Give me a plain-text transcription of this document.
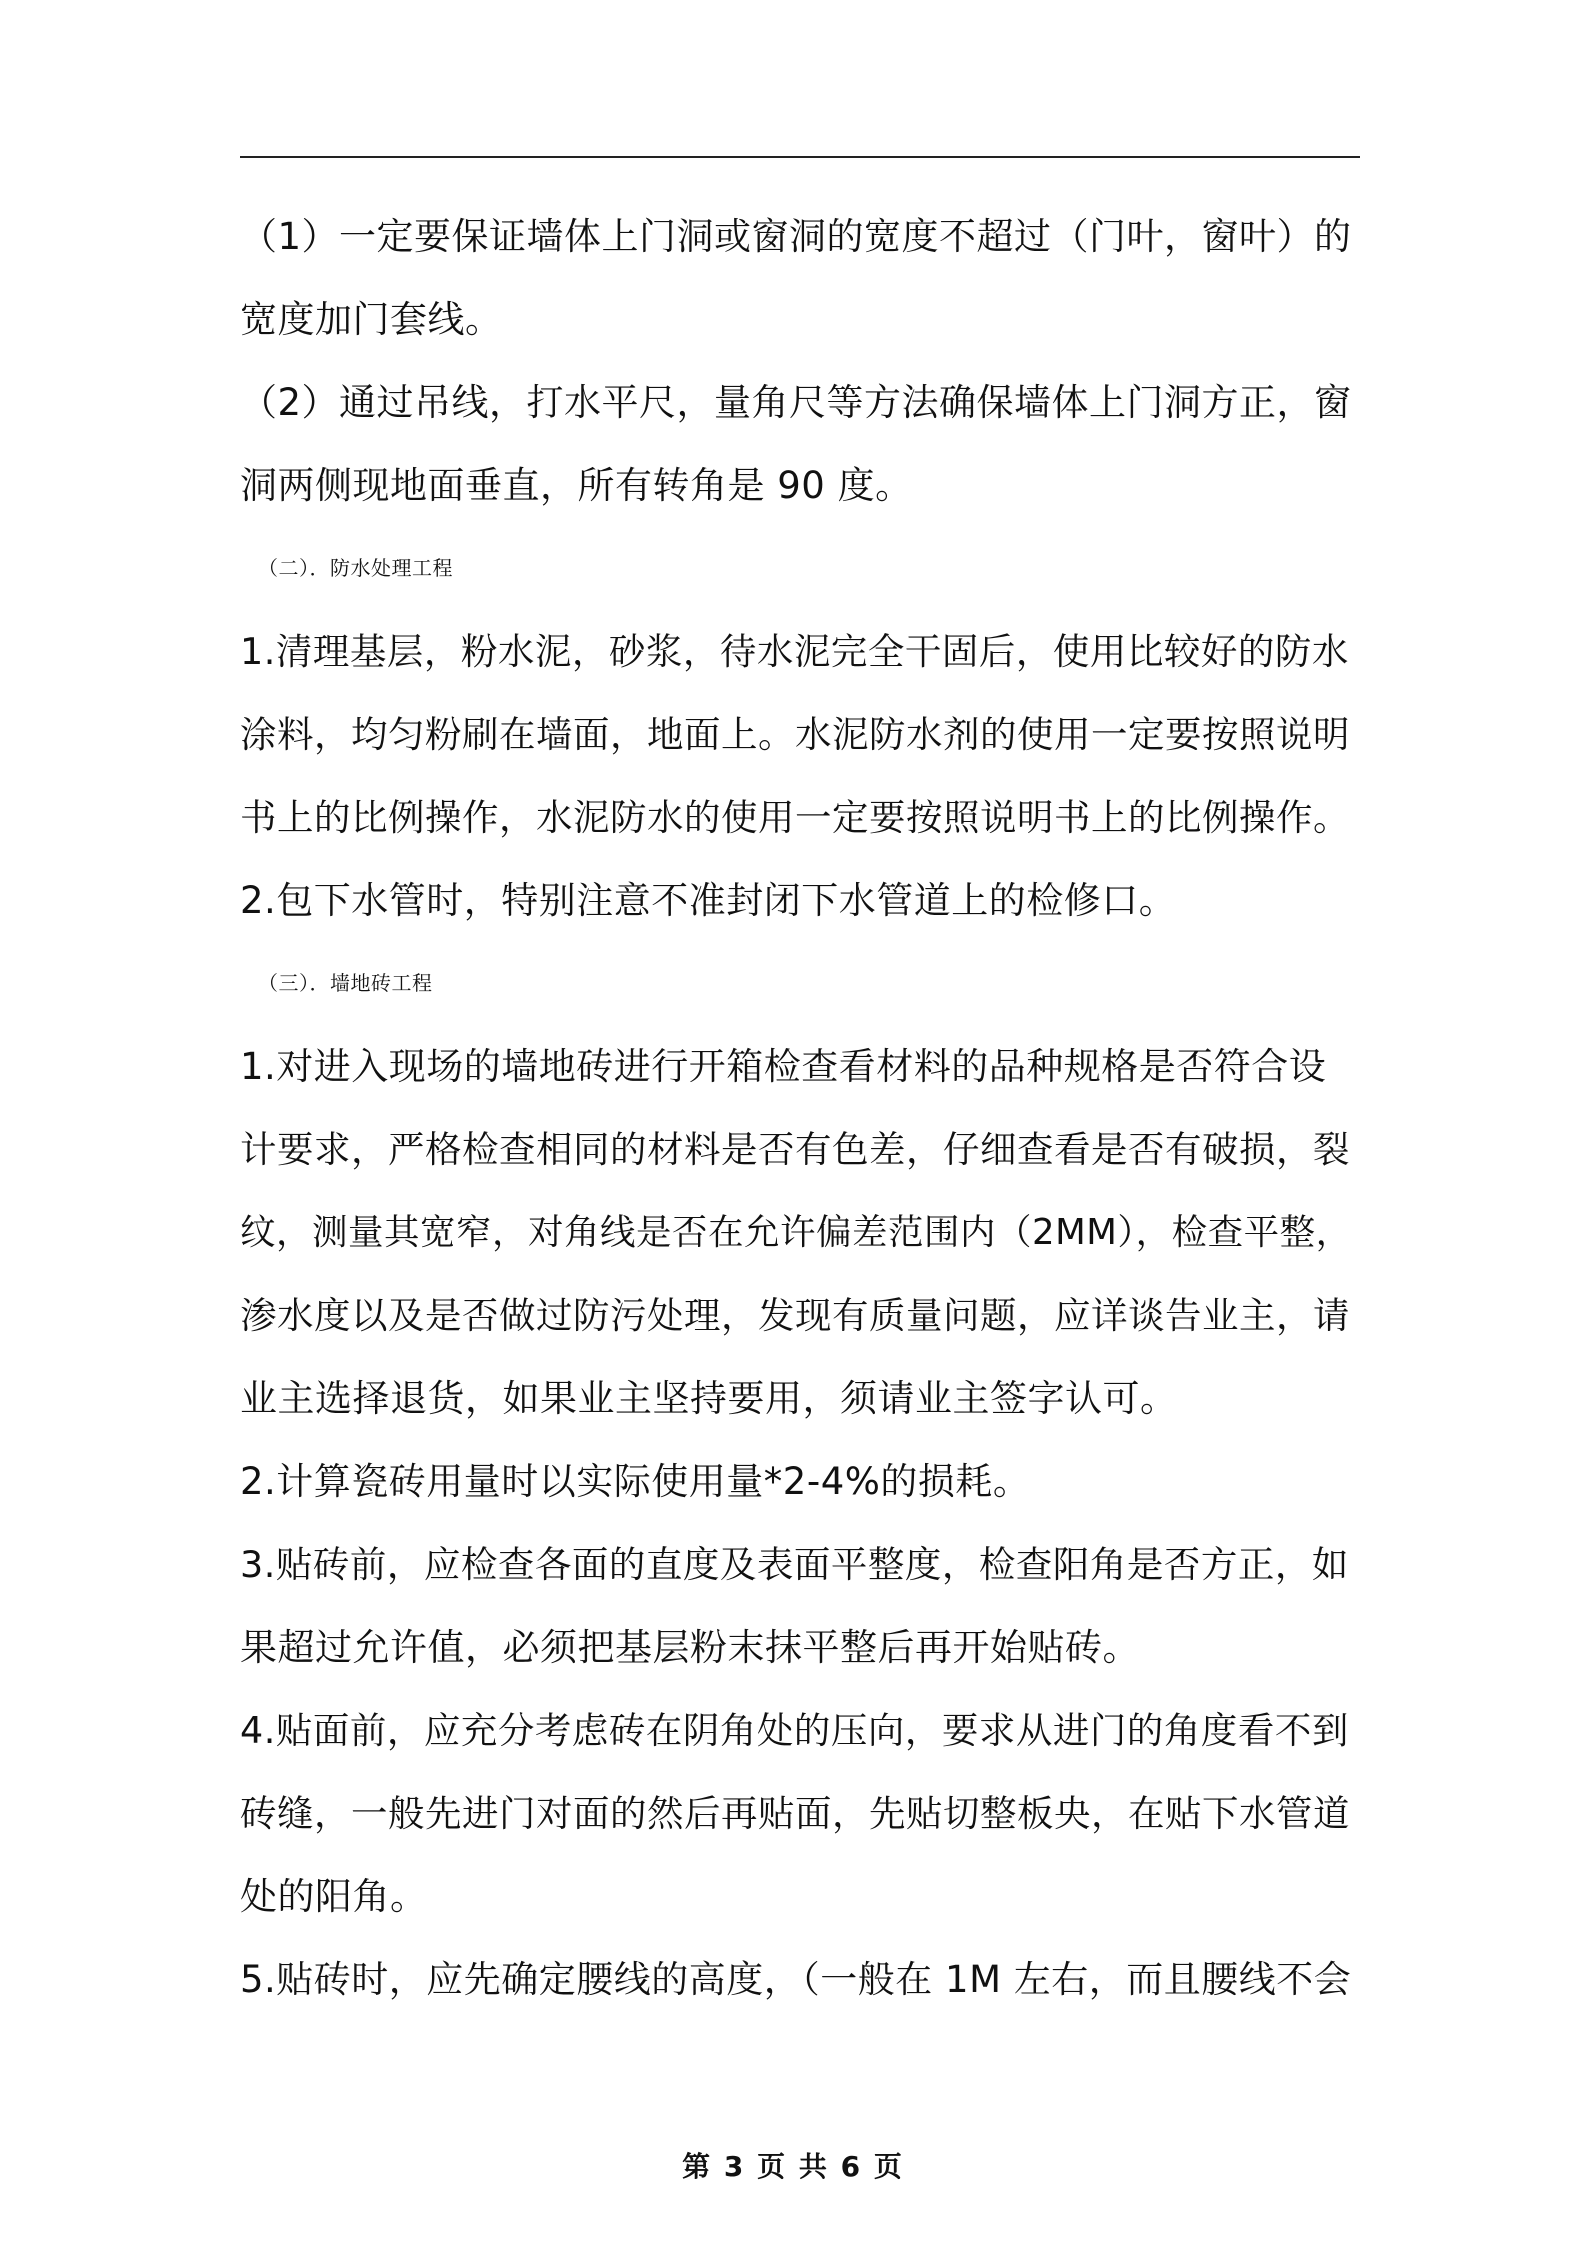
（1）一定要保证墙体上门洞或窗洞的宽度不超过（门叶，窗叶）的

宽度加门套线。

（2）通过吊线，打水平尺，量角尺等方法确保墙体上门洞方正，窗

洞两侧现地面垂直，所有转角是 90 度。

（二）．防水处理工程

1.清理基层，粉水泥，砂浆，待水泥完全干固后，使用比较好的防水

涂料，均匀粉刷在墙面，地面上。水泥防水剂的使用一定要按照说明

书上的比例操作，水泥防水的使用一定要按照说明书上的比例操作。

2.包下水管时，特别注意不准封闭下水管道上的检修口。

（三）．墙地砖工程

1.对进入现场的墙地砖进行开箱检查看材料的品种规格是否符合设

计要求，严格检查相同的材料是否有色差，仔细查看是否有破损，裂

纹，测量其宽窄，对角线是否在允许偏差范围内（2MM），检查平整，

渗水度以及是否做过防污处理，发现有质量问题，应详谈告业主，请

业主选择退货，如果业主坚持要用，须请业主签字认可。

2.计算瓷砖用量时以实际使用量*2-4%的损耗。

3.贴砖前，应检查各面的直度及表面平整度，检查阳角是否方正，如

果超过允许值，必须把基层粉末抹平整后再开始贴砖。

4.贴面前，应充分考虑砖在阴角处的压向，要求从进门的角度看不到

砖缝，一般先进门对面的然后再贴面，先贴切整板央，在贴下水管道

处的阳角。

5.贴砖时，应先确定腰线的高度，（一般在 1M 左右，而且腰线不会

第 3 页 共 6 页
